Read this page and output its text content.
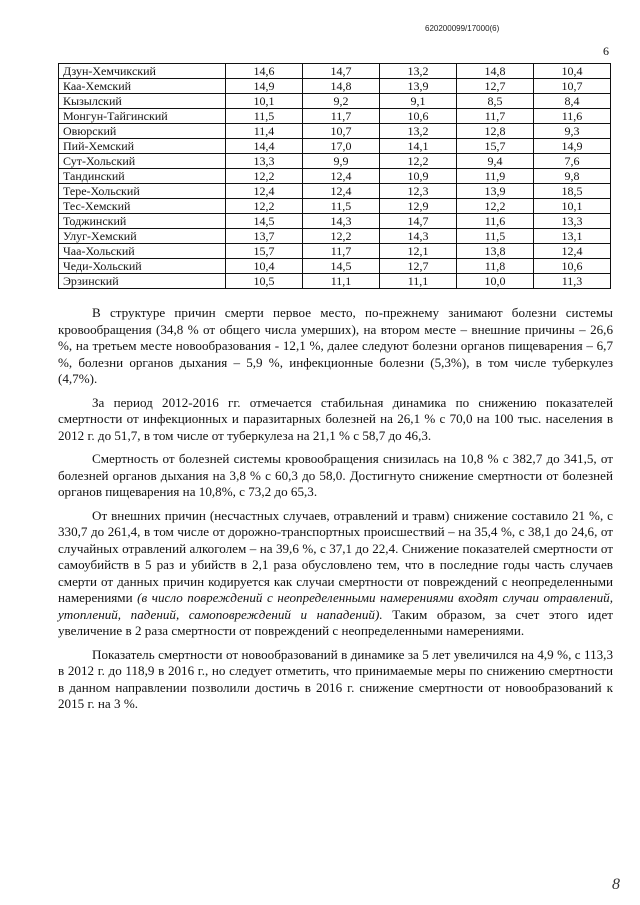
620200099/17000(6)
6
Дзун-Хемчикский	14,6	14,7	13,2	14,8	10,4
Каа-Хемский	14,9	14,8	13,9	12,7	10,7
Кызылский	10,1	9,2	9,1	8,5	8,4
Монгун-Тайгинский	11,5	11,7	10,6	11,7	11,6
Овюрский	11,4	10,7	13,2	12,8	9,3
Пий-Хемский	14,4	17,0	14,1	15,7	14,9
Сут-Хольский	13,3	9,9	12,2	9,4	7,6
Тандинский	12,2	12,4	10,9	11,9	9,8
Тере-Хольский	12,4	12,4	12,3	13,9	18,5
Тес-Хемский	12,2	11,5	12,9	12,2	10,1
Тоджинский	14,5	14,3	14,7	11,6	13,3
Улуг-Хемский	13,7	12,2	14,3	11,5	13,1
Чаа-Хольский	15,7	11,7	12,1	13,8	12,4
Чеди-Хольский	10,4	14,5	12,7	11,8	10,6
Эрзинский	10,5	11,1	11,1	10,0	11,3

В структуре причин смерти первое место, по-прежнему занимают болезни системы кровообращения (34,8 % от общего числа умерших), на втором месте – внешние причины – 26,6 %, на третьем месте новообразования - 12,1 %, далее следуют болезни органов пищеварения – 6,7 %, болезни органов дыхания – 5,9 %, инфекционные болезни (5,3%), в том числе туберкулез (4,7%).

За период 2012-2016 гг. отмечается стабильная динамика по снижению показателей смертности от инфекционных и паразитарных болезней на 26,1 % с 70,0 на 100 тыс. населения в 2012 г. до 51,7, в том числе от туберкулеза на 21,1 % с 58,7 до 46,3.

Смертность от болезней системы кровообращения снизилась на 10,8 % с 382,7 до 341,5, от болезней органов дыхания на 3,8 % с 60,3 до 58,0. Достигнуто снижение смертности от болезней органов пищеварения на 10,8%, с 73,2 до 65,3.

От внешних причин (несчастных случаев, отравлений и травм) снижение составило 21 %, с 330,7 до 261,4, в том числе от дорожно-транспортных происшествий – на 35,4 %, с 38,1 до 24,6, от случайных отравлений алкоголем – на 39,6 %, с 37,1 до 22,4. Снижение показателей смертности от самоубийств в 5 раз и убийств в 2,1 раза обусловлено тем, что в последние годы часть случаев смерти от данных причин кодируется как случаи смертности от повреждений с неопределенными намерениями (в число повреждений с неопределенными намерениями входят случаи отравлений, утоплений, падений, самоповреждений и нападений). Таким образом, за счет этого идет увеличение в 2 раза смертности от повреждений с неопределенными намерениями.

Показатель смертности от новообразований в динамике за 5 лет увеличился на 4,9 %, с 113,3 в 2012 г. до 118,9 в 2016 г., но следует отметить, что принимаемые меры по снижению смертности в данном направлении позволили достичь в 2016 г. снижение смертности от новообразований к 2015 г. на 3 %.

8
